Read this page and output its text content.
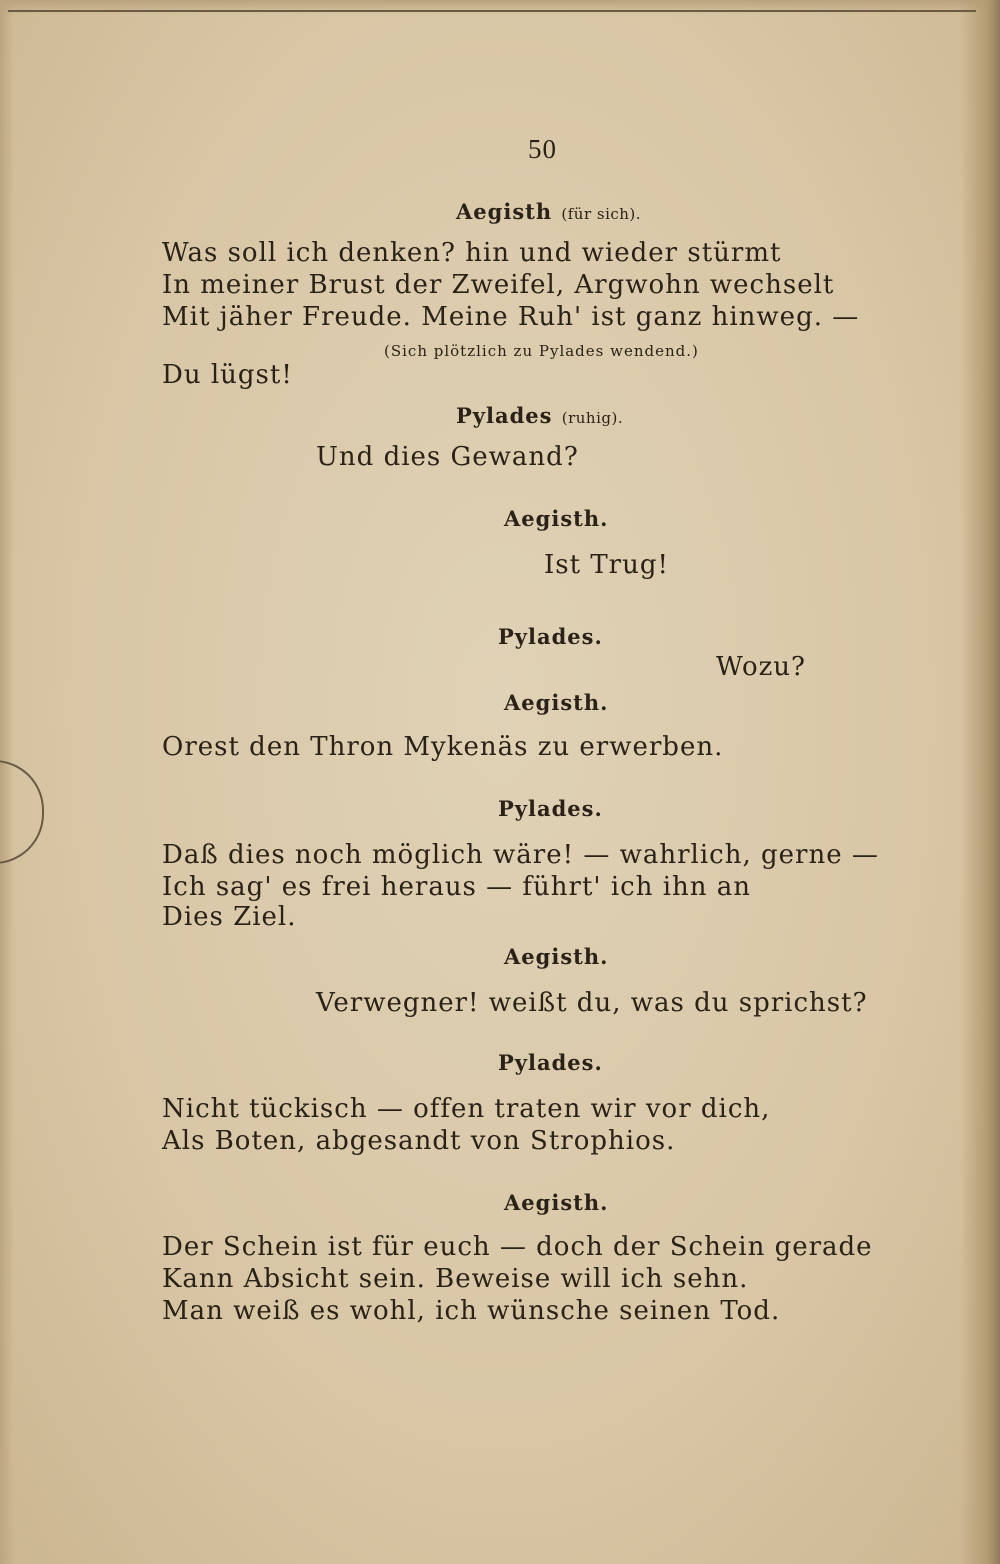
50
Aegisth (für sich).
Was soll ich denken? hin und wieder stürmt
In meiner Brust der Zweifel, Argwohn wechselt
Mit jäher Freude. Meine Ruh' ist ganz hinweg. —
(Sich plötzlich zu Pylades wendend.)
Du lügst!
Pylades (ruhig).
Und dies Gewand?
Aegisth.
Ist Trug!
Pylades.
Wozu?
Aegisth.
Orest den Thron Mykenäs zu erwerben.
Pylades.
Daß dies noch möglich wäre! — wahrlich, gerne —
Ich sag' es frei heraus — führt' ich ihn an
Dies Ziel.
Aegisth.
Verwegner! weißt du, was du sprichst?
Pylades.
Nicht tückisch — offen traten wir vor dich,
Als Boten, abgesandt von Strophios.
Aegisth.
Der Schein ist für euch — doch der Schein gerade
Kann Absicht sein. Beweise will ich sehn.
Man weiß es wohl, ich wünsche seinen Tod.
